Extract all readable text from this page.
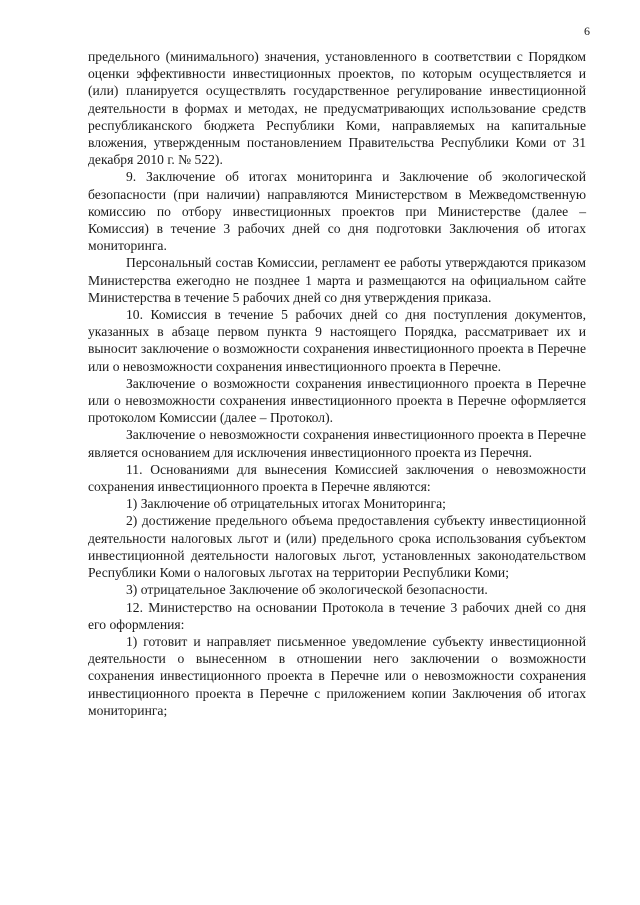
6

предельного (минимального) значения, установленного в соответствии с Порядком оценки эффективности инвестиционных проектов, по которым осуществляется и (или) планируется осуществлять государственное регулирование инвестиционной деятельности в формах и методах, не предусматривающих использование средств республиканского бюджета Республики Коми, направляемых на капитальные вложения, утвержденным постановлением Правительства Республики Коми от 31 декабря 2010 г. № 522).

9. Заключение об итогах мониторинга и Заключение об экологической безопасности (при наличии) направляются Министерством в Межведомственную комиссию по отбору инвестиционных проектов при Министерстве (далее – Комиссия) в течение 3 рабочих дней со дня подготовки Заключения об итогах мониторинга.

Персональный состав Комиссии, регламент ее работы утверждаются приказом Министерства ежегодно не позднее 1 марта и размещаются на официальном сайте Министерства в течение 5 рабочих дней со дня утверждения приказа.

10. Комиссия в течение 5 рабочих дней со дня поступления документов, указанных в абзаце первом пункта 9 настоящего Порядка, рассматривает их и выносит заключение о возможности сохранения инвестиционного проекта в Перечне или о невозможности сохранения инвестиционного проекта в Перечне.

Заключение о возможности сохранения инвестиционного проекта в Перечне или о невозможности сохранения инвестиционного проекта в Перечне оформляется протоколом Комиссии (далее – Протокол).

Заключение о невозможности сохранения инвестиционного проекта в Перечне является основанием для исключения инвестиционного проекта из Перечня.

11. Основаниями для вынесения Комиссией заключения о невозможности сохранения инвестиционного проекта в Перечне являются:

1) Заключение об отрицательных итогах Мониторинга;

2) достижение предельного объема предоставления субъекту инвестиционной деятельности налоговых льгот и (или) предельного срока использования субъектом инвестиционной деятельности налоговых льгот, установленных законодательством Республики Коми о налоговых льготах на территории Республики Коми;

3) отрицательное Заключение об экологической безопасности.

12. Министерство на основании Протокола в течение 3 рабочих дней со дня его оформления:

1) готовит и направляет письменное уведомление субъекту инвестиционной деятельности о вынесенном в отношении него заключении о возможности сохранения инвестиционного проекта в Перечне или о невозможности сохранения инвестиционного проекта в Перечне с приложением копии Заключения об итогах мониторинга;
